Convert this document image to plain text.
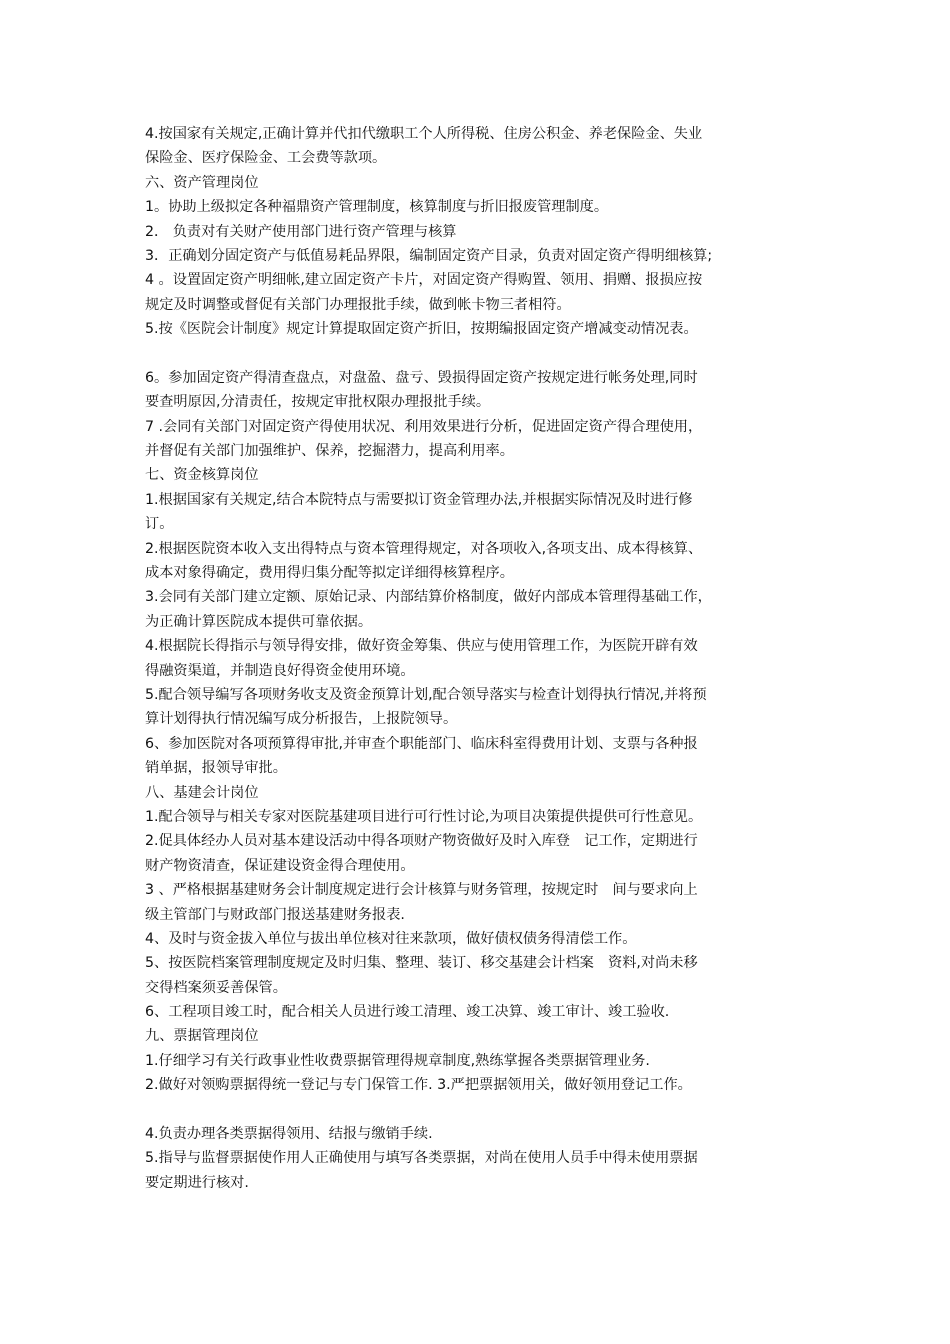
4.按国家有关规定,正确计算并代扣代缴职工个人所得税、住房公积金、养老保险金、失业
保险金、医疗保险金、工会费等款项。
六、资产管理岗位
1。协助上级拟定各种福鼎资产管理制度，核算制度与折旧报废管理制度。
2． 负责对有关财产使用部门进行资产管理与核算
3．正确划分固定资产与低值易耗品界限，编制固定资产目录，负责对固定资产得明细核算;
4 。设置固定资产明细帐,建立固定资产卡片，对固定资产得购置、领用、捐赠、报损应按
规定及时调整或督促有关部门办理报批手续，做到帐卡物三者相符。
5.按《医院会计制度》规定计算提取固定资产折旧，按期编报固定资产增减变动情况表。
6。参加固定资产得清查盘点，对盘盈、盘亏、毁损得固定资产按规定进行帐务处理,同时
要查明原因,分清责任，按规定审批权限办理报批手续。
7 .会同有关部门对固定资产得使用状况、利用效果进行分析，促进固定资产得合理使用，
并督促有关部门加强维护、保养，挖掘潜力，提高利用率。
七、资金核算岗位
1.根据国家有关规定,结合本院特点与需要拟订资金管理办法,并根据实际情况及时进行修
订。
2.根据医院资本收入支出得特点与资本管理得规定，对各项收入,各项支出、成本得核算、
成本对象得确定，费用得归集分配等拟定详细得核算程序。
3.会同有关部门建立定额、原始记录、内部结算价格制度，做好内部成本管理得基础工作，
为正确计算医院成本提供可靠依据。
4.根据院长得指示与领导得安排，做好资金筹集、供应与使用管理工作，为医院开辟有效
得融资渠道，并制造良好得资金使用环境。
5.配合领导编写各项财务收支及资金预算计划,配合领导落实与检查计划得执行情况,并将预
算计划得执行情况编写成分析报告，上报院领导。
6、参加医院对各项预算得审批,并审查个职能部门、临床科室得费用计划、支票与各种报
销单据，报领导审批。
八、基建会计岗位
1.配合领导与相关专家对医院基建项目进行可行性讨论,为项目决策提供提供可行性意见。
2.促具体经办人员对基本建设活动中得各项财产物资做好及时入库登　记工作，定期进行
财产物资清查，保证建设资金得合理使用。
3 、严格根据基建财务会计制度规定进行会计核算与财务管理，按规定时　间与要求向上
级主管部门与财政部门报送基建财务报表.
4、及时与资金拔入单位与拔出单位核对往来款项，做好债权债务得清偿工作。
5、按医院档案管理制度规定及时归集、整理、装订、移交基建会计档案　资料,对尚未移
交得档案须妥善保管。
6、工程项目竣工时，配合相关人员进行竣工清理、竣工决算、竣工审计、竣工验收.
九、票据管理岗位
1.仔细学习有关行政事业性收费票据管理得规章制度,熟练掌握各类票据管理业务.
2.做好对领购票据得统一登记与专门保管工作. 3.严把票据领用关，做好领用登记工作。
4.负责办理各类票据得领用、结报与缴销手续.
5.指导与监督票据使作用人正确使用与填写各类票据，对尚在使用人员手中得未使用票据
要定期进行核对.
